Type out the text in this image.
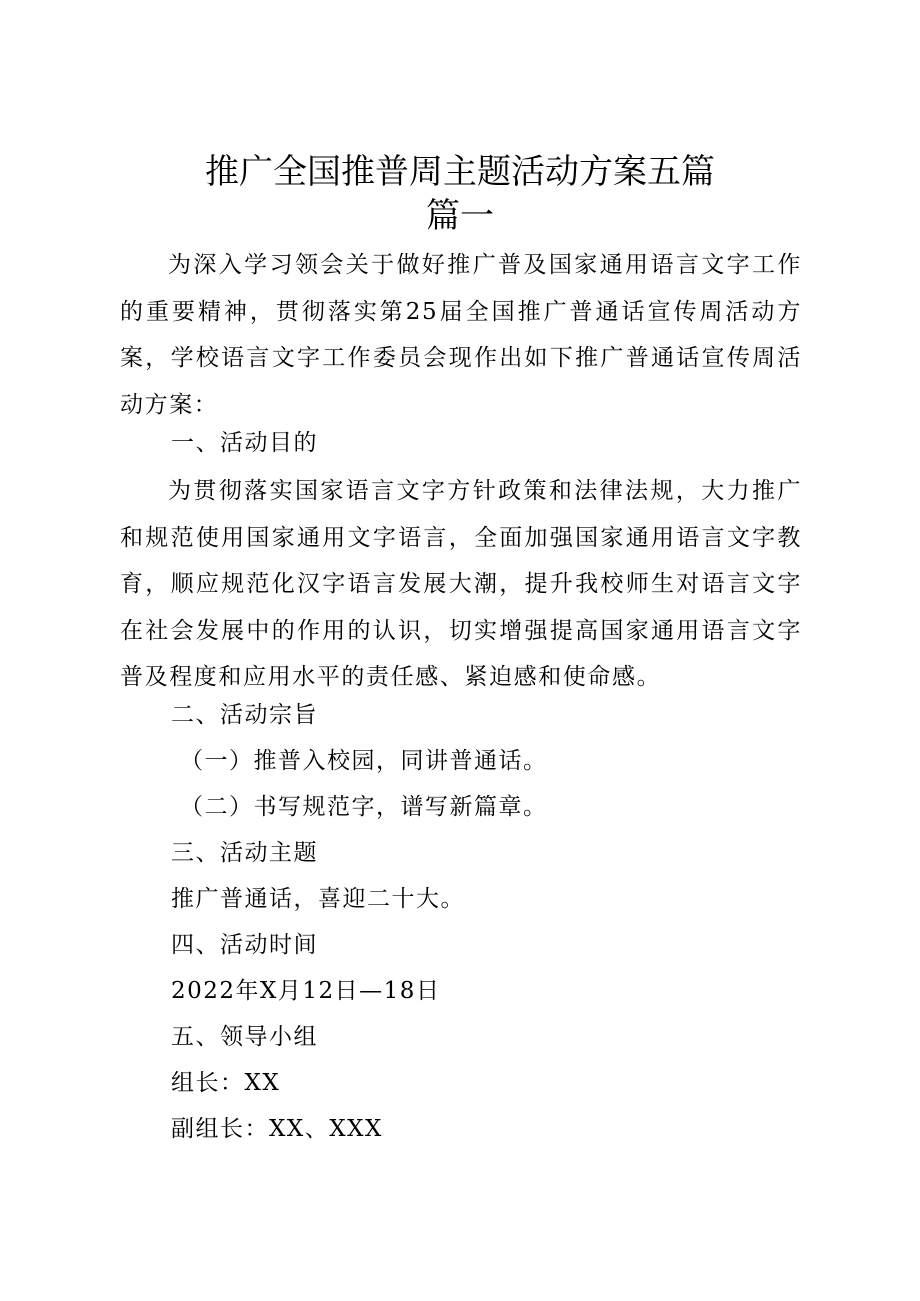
推广全国推普周主题活动方案五篇
篇一
为深入学习领会关于做好推广普及国家通用语言文字工作的重要精神，贯彻落实第25届全国推广普通话宣传周活动方案，学校语言文字工作委员会现作出如下推广普通话宣传周活动方案：
一、活动目的
为贯彻落实国家语言文字方针政策和法律法规，大力推广和规范使用国家通用文字语言，全面加强国家通用语言文字教育，顺应规范化汉字语言发展大潮，提升我校师生对语言文字在社会发展中的作用的认识，切实增强提高国家通用语言文字普及程度和应用水平的责任感、紧迫感和使命感。
二、活动宗旨
（一）推普入校园，同讲普通话。
（二）书写规范字，谱写新篇章。
三、活动主题
推广普通话，喜迎二十大。
四、活动时间
2022年X月12日—18日
五、领导小组
组长：XX
副组长：XX、XXX
